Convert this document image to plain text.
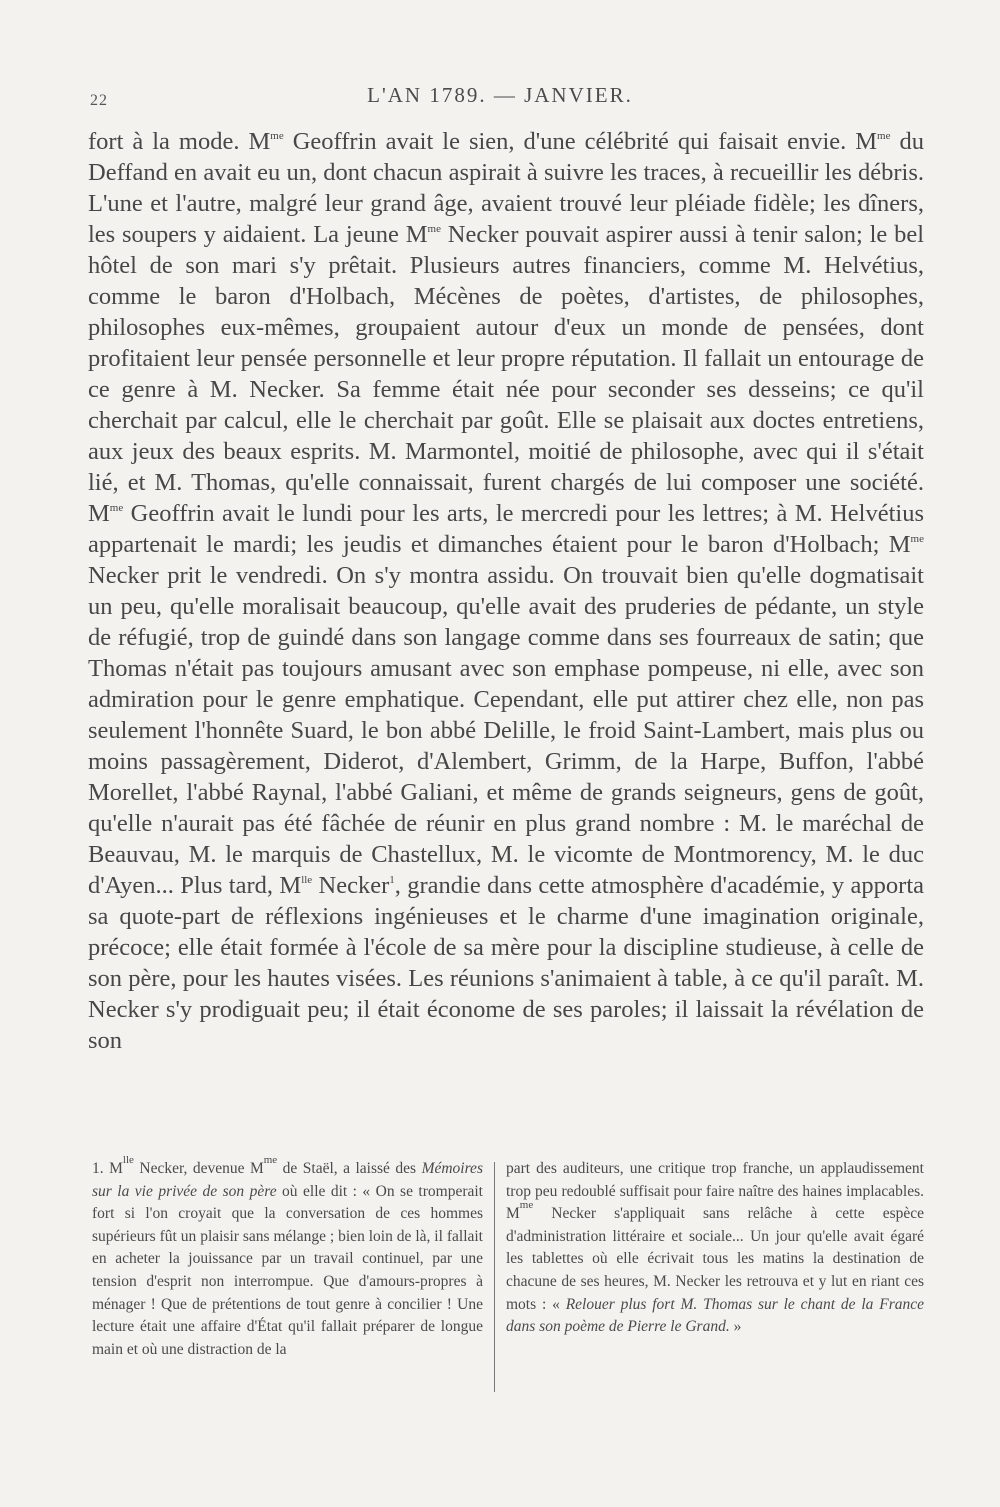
22	L'AN 1789. — JANVIER.

fort à la mode. $M^{me}$ Geoffrin avait le sien, d'une célébrité qui faisait envie. $M^{me}$ du Deffand en avait eu un, dont chacun aspirait à suivre les traces, à recueillir les débris. L'une et l'autre, malgré leur grand âge, avaient trouvé leur pléiade fidèle; les dîners, les soupers y aidaient. La jeune $M^{me}$ Necker pouvait aspirer aussi à tenir salon; le bel hôtel de son mari s'y prêtait. Plusieurs autres financiers, comme M. Helvétius, comme le baron d'Holbach, Mécènes de poètes, d'artistes, de philosophes, philosophes eux-mêmes, groupaient autour d'eux un monde de pensées, dont profitaient leur pensée personnelle et leur propre réputation. Il fallait un entourage de ce genre à M. Necker. Sa femme était née pour seconder ses desseins; ce qu'il cherchait par calcul, elle le cherchait par goût. Elle se plaisait aux doctes entretiens, aux jeux des beaux esprits. M. Marmontel, moitié de philosophe, avec qui il s'était lié, et M. Thomas, qu'elle connaissait, furent chargés de lui composer une société. $M^{me}$ Geoffrin avait le lundi pour les arts, le mercredi pour les lettres; à M. Helvétius appartenait le mardi; les jeudis et dimanches étaient pour le baron d'Holbach; $M^{me}$ Necker prit le vendredi. On s'y montra assidu. On trouvait bien qu'elle dogmatisait un peu, qu'elle moralisait beaucoup, qu'elle avait des pruderies de pédante, un style de réfugié, trop de guindé dans son langage comme dans ses fourreaux de satin; que Thomas n'était pas toujours amusant avec son emphase pompeuse, ni elle, avec son admiration pour le genre emphatique. Cependant, elle put attirer chez elle, non pas seulement l'honnête Suard, le bon abbé Delille, le froid Saint-Lambert, mais plus ou moins passagèrement, Diderot, d'Alembert, Grimm, de la Harpe, Buffon, l'abbé Morellet, l'abbé Raynal, l'abbé Galiani, et même de grands seigneurs, gens de goût, qu'elle n'aurait pas été fâchée de réunir en plus grand nombre : M. le maréchal de Beauvau, M. le marquis de Chastellux, M. le vicomte de Montmorency, M. le duc d'Ayen... Plus tard, $M^{lle}$ Necker$^1$, grandie dans cette atmosphère d'académie, y apporta sa quote-part de réflexions ingénieuses et le charme d'une imagination originale, précoce; elle était formée à l'école de sa mère pour la discipline studieuse, à celle de son père, pour les hautes visées. Les réunions s'animaient à table, à ce qu'il paraît. M. Necker s'y prodiguait peu; il était économe de ses paroles; il laissait la révélation de son

1. $M^{lle}$ Necker, devenue $M^{me}$ de Staël, a laissé des Mémoires sur la vie privée de son père où elle dit : « On se tromperait fort si l'on croyait que la conversation de ces hommes supérieurs fût un plaisir sans mélange ; bien loin de là, il fallait en acheter la jouissance par un travail continuel, par une tension d'esprit non interrompue. Que d'amours-propres à ménager ! Que de prétentions de tout genre à concilier ! Une lecture était une affaire d'État qu'il fallait préparer de longue main et où une distraction de la

part des auditeurs, une critique trop franche, un applaudissement trop peu redoublé suffisait pour faire naître des haines implacables. $M^{me}$ Necker s'appliquait sans relâche à cette espèce d'administration littéraire et sociale... Un jour qu'elle avait égaré les tablettes où elle écrivait tous les matins la destination de chacune de ses heures, M. Necker les retrouva et y lut en riant ces mots : « Relouer plus fort M. Thomas sur le chant de la France dans son poème de Pierre le Grand. »
